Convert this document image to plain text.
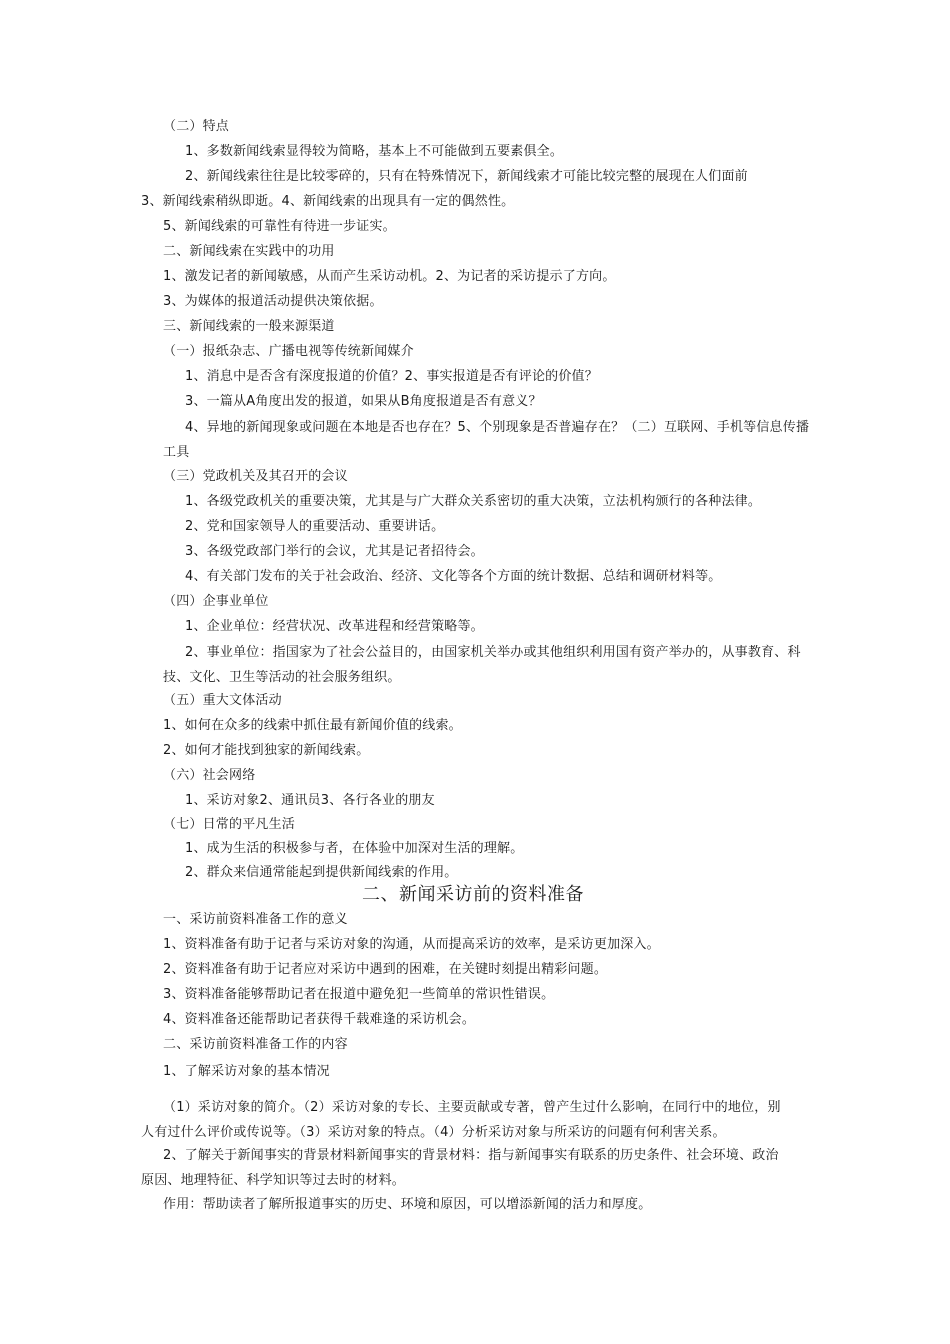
（二）特点
1、多数新闻线索显得较为简略，基本上不可能做到五要素俱全。
2、新闻线索往往是比较零碎的，只有在特殊情况下，新闻线索才可能比较完整的展现在人们面前
3、新闻线索稍纵即逝。4、新闻线索的出现具有一定的偶然性。
5、新闻线索的可靠性有待进一步证实。
二、新闻线索在实践中的功用
1、激发记者的新闻敏感，从而产生采访动机。2、为记者的采访提示了方向。
3、为媒体的报道活动提供决策依据。
三、新闻线索的一般来源渠道
（一）报纸杂志、广播电视等传统新闻媒介
1、消息中是否含有深度报道的价值？2、事实报道是否有评论的价值？
3、一篇从A角度出发的报道，如果从B角度报道是否有意义？
4、异地的新闻现象或问题在本地是否也存在？5、个别现象是否普遍存在？（二）互联网、手机等信息传播工具
（三）党政机关及其召开的会议
1、各级党政机关的重要决策，尤其是与广大群众关系密切的重大决策，立法机构颁行的各种法律。
2、党和国家领导人的重要活动、重要讲话。
3、各级党政部门举行的会议，尤其是记者招待会。
4、有关部门发布的关于社会政治、经济、文化等各个方面的统计数据、总结和调研材料等。
（四）企事业单位
1、企业单位：经营状况、改革进程和经营策略等。
2、事业单位：指国家为了社会公益目的，由国家机关举办或其他组织利用国有资产举办的，从事教育、科技、文化、卫生等活动的社会服务组织。
（五）重大文体活动
1、如何在众多的线索中抓住最有新闻价值的线索。
2、如何才能找到独家的新闻线索。
（六）社会网络
1、采访对象2、通讯员3、各行各业的朋友
（七）日常的平凡生活
1、成为生活的积极参与者，在体验中加深对生活的理解。
2、群众来信通常能起到提供新闻线索的作用。
二、新闻采访前的资料准备
一、采访前资料准备工作的意义
1、资料准备有助于记者与采访对象的沟通，从而提高采访的效率，是采访更加深入。
2、资料准备有助于记者应对采访中遇到的困难，在关键时刻提出精彩问题。
3、资料准备能够帮助记者在报道中避免犯一些简单的常识性错误。
4、资料准备还能帮助记者获得千载难逢的采访机会。
二、采访前资料准备工作的内容
1、了解采访对象的基本情况
（1）采访对象的简介。（2）采访对象的专长、主要贡献或专著，曾产生过什么影响，在同行中的地位，别人有过什么评价或传说等。（3）采访对象的特点。（4）分析采访对象与所采访的问题有何利害关系。
2、了解关于新闻事实的背景材料新闻事实的背景材料：指与新闻事实有联系的历史条件、社会环境、政治原因、地理特征、科学知识等过去时的材料。
作用：帮助读者了解所报道事实的历史、环境和原因，可以增添新闻的活力和厚度。
